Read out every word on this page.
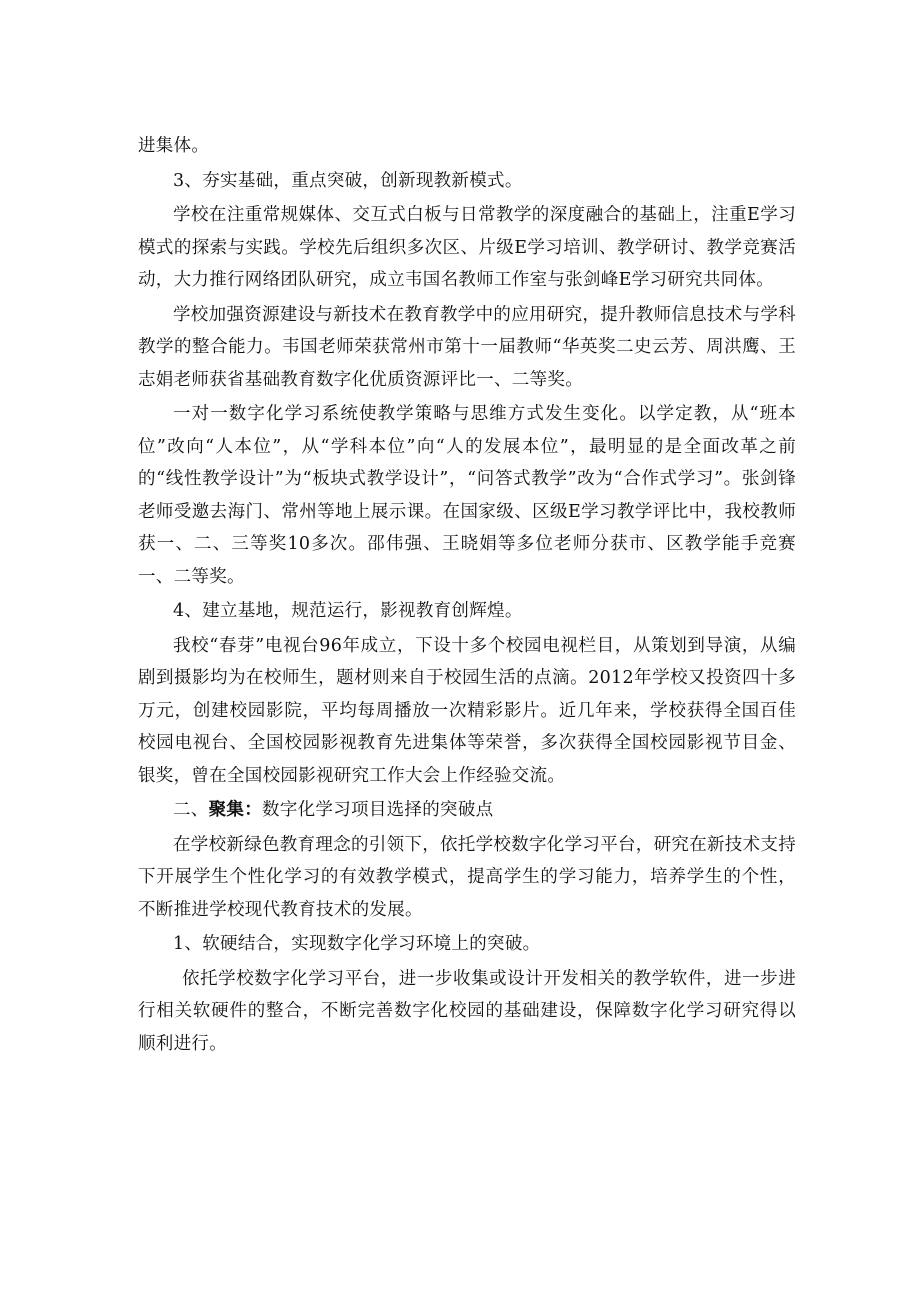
进集体。

3、夯实基础，重点突破，创新现教新模式。

学校在注重常规媒体、交互式白板与日常教学的深度融合的基础上，注重E学习模式的探索与实践。学校先后组织多次区、片级E学习培训、教学研讨、教学竞赛活动，大力推行网络团队研究，成立韦国名教师工作室与张剑峰E学习研究共同体。

学校加强资源建设与新技术在教育教学中的应用研究，提升教师信息技术与学科教学的整合能力。韦国老师荣获常州市第十一届教师“华英奖二史云芳、周洪鹰、王志娟老师获省基础教育数字化优质资源评比一、二等奖。

一对一数字化学习系统使教学策略与思维方式发生变化。以学定教，从“班本位”改向“人本位”，从“学科本位”向“人的发展本位”，最明显的是全面改革之前的“线性教学设计”为“板块式教学设计”，“问答式教学”改为“合作式学习”。张剑锋老师受邀去海门、常州等地上展示课。在国家级、区级E学习教学评比中，我校教师获一、二、三等奖10多次。邵伟强、王晓娟等多位老师分获市、区教学能手竞赛一、二等奖。

4、建立基地，规范运行，影视教育创辉煌。

我校“春芽”电视台96年成立，下设十多个校园电视栏目，从策划到导演，从编剧到摄影均为在校师生，题材则来自于校园生活的点滴。2012年学校又投资四十多万元，创建校园影院，平均每周播放一次精彩影片。近几年来，学校获得全国百佳校园电视台、全国校园影视教育先进集体等荣誉，多次获得全国校园影视节目金、银奖，曾在全国校园影视研究工作大会上作经验交流。

二、聚集：数字化学习项目选择的突破点

在学校新绿色教育理念的引领下，依托学校数字化学习平台，研究在新技术支持下开展学生个性化学习的有效教学模式，提高学生的学习能力，培养学生的个性，不断推进学校现代教育技术的发展。

1、软硬结合，实现数字化学习环境上的突破。

依托学校数字化学习平台，进一步收集或设计开发相关的教学软件，进一步进行相关软硬件的整合，不断完善数字化校园的基础建设，保障数字化学习研究得以顺利进行。
